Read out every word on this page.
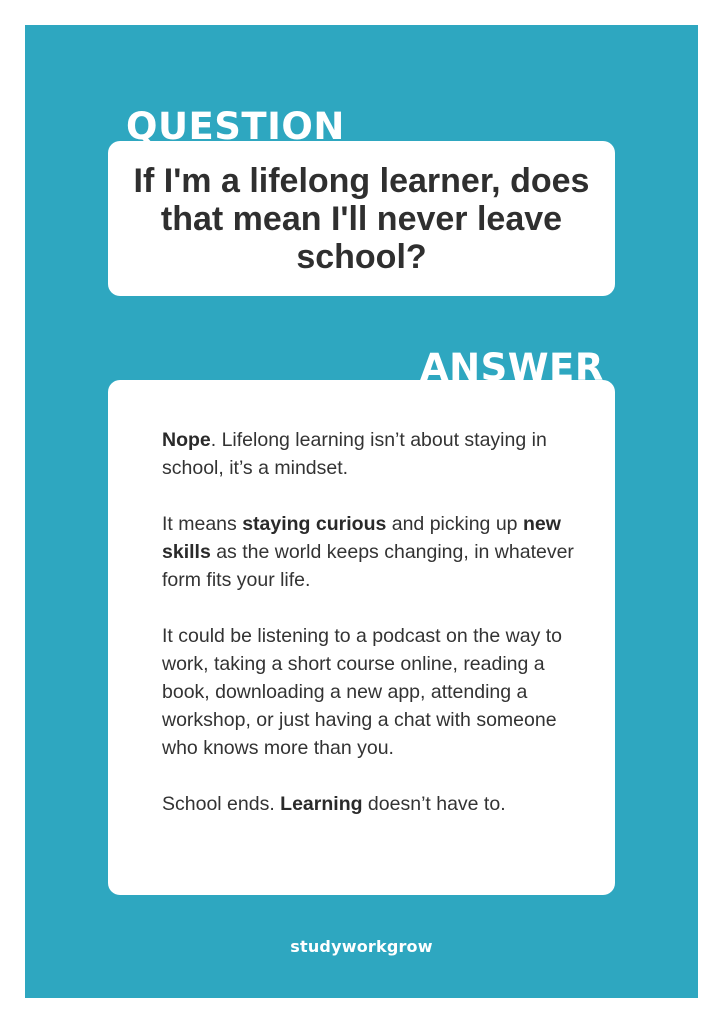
If I'm a lifelong learner, does that mean I'll never leave school?
QUESTION

Nope. Lifelong learning isn’t about staying in school, it’s a mindset.

It means staying curious and picking up new skills as the world keeps changing, in whatever form fits your life.

It could be listening to a podcast on the way to work, taking a short course online, reading a book, downloading a new app, attending a workshop, or just having a chat with someone who knows more than you.

School ends. Learning doesn’t have to.

ANSWER
studyworkgrow
